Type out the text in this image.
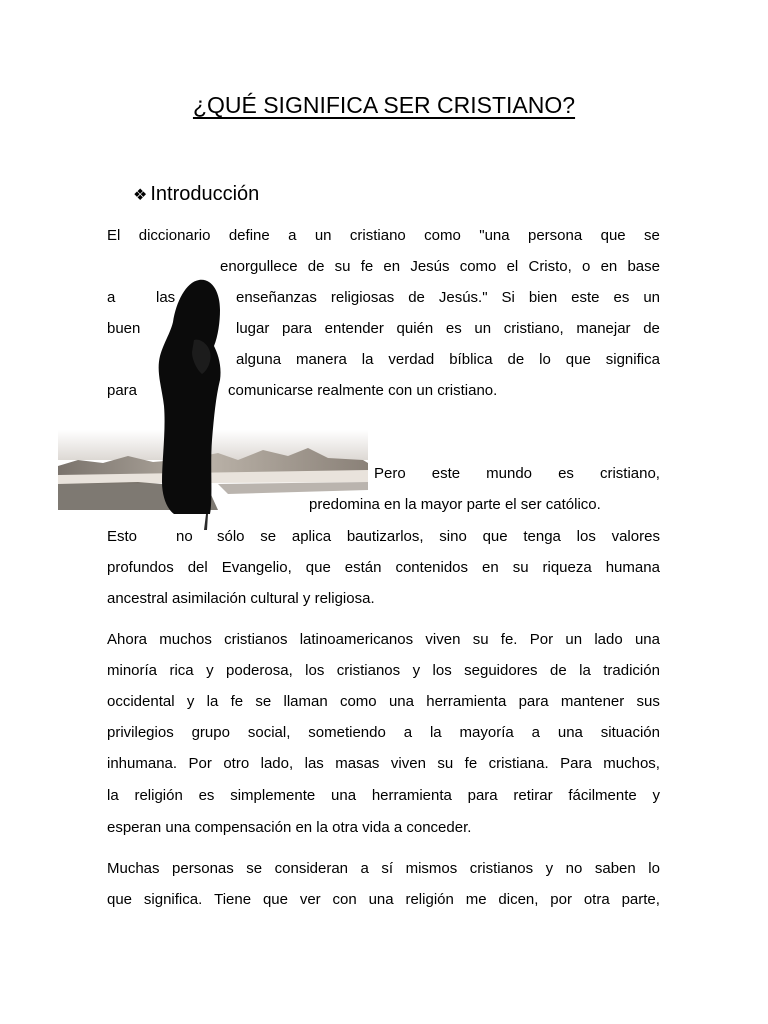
¿QUÉ SIGNIFICA SER CRISTIANO?
❖ Introducción
El diccionario define a un cristiano como "una persona que se
enorgullece de su fe en Jesús como el Cristo, o en base
a	las	enseñanzas religiosas de Jesús." Si bien este es un
buen	lugar para entender quién es un cristiano, manejar de
alguna manera la verdad bíblica de lo que significa
para	comunicarse realmente con un cristiano.
Pero este mundo es cristiano,
predomina en la mayor parte el ser católico.
Esto	no sólo se aplica bautizarlos, sino que tenga los valores
profundos del Evangelio, que están contenidos en su riqueza humana
ancestral asimilación cultural y religiosa.
Ahora muchos cristianos latinoamericanos viven su fe. Por un lado una
minoría rica y poderosa, los cristianos y los seguidores de la tradición
occidental y la fe se llaman como una herramienta para mantener sus
privilegios grupo social, sometiendo a la mayoría a una situación
inhumana. Por otro lado, las masas viven su fe cristiana. Para muchos,
la religión es simplemente una herramienta para retirar fácilmente y
esperan una compensación en la otra vida a conceder.
Muchas personas se consideran a sí mismos cristianos y no saben lo
que significa. Tiene que ver con una religión me dicen, por otra parte,
